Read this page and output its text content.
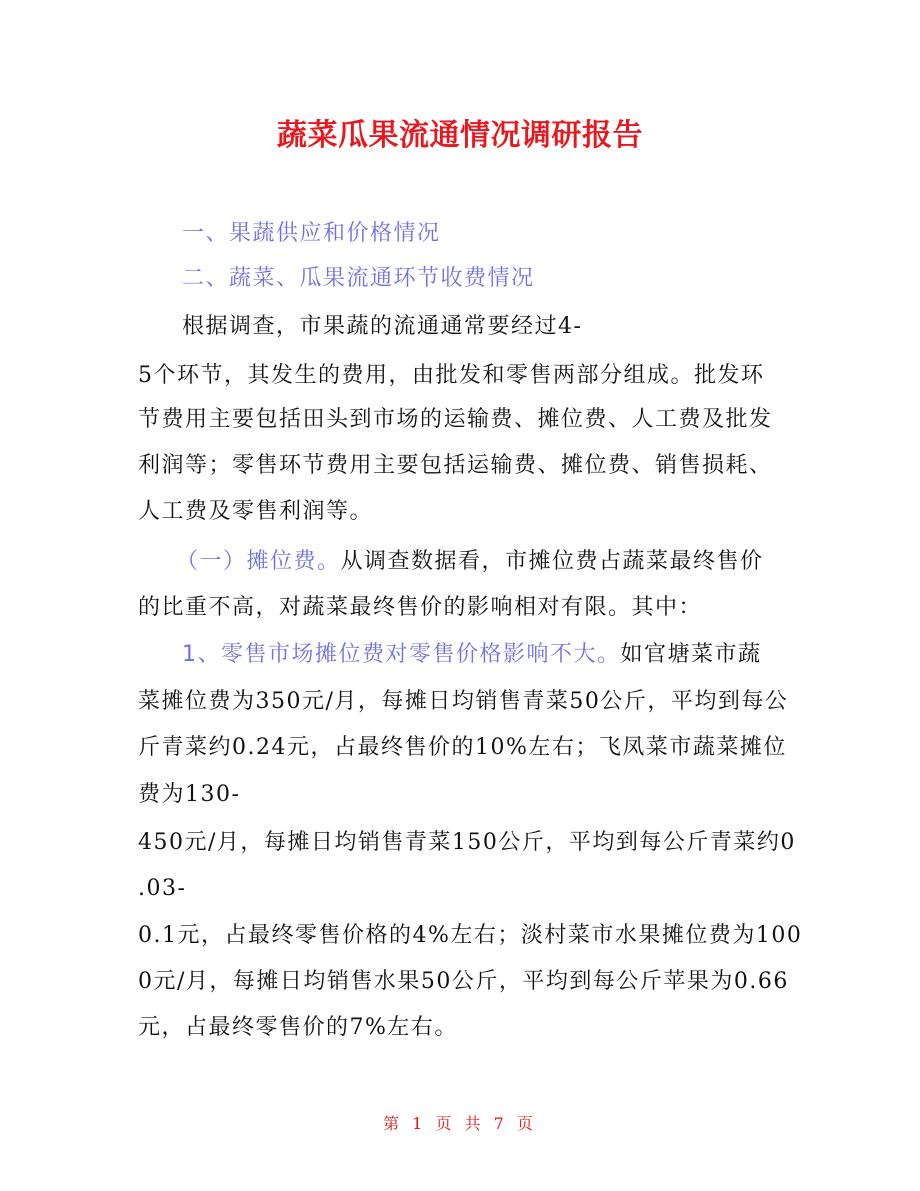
蔬菜瓜果流通情况调研报告
一、果蔬供应和价格情况
二、蔬菜、瓜果流通环节收费情况
根据调查，市果蔬的流通通常要经过4-
5个环节，其发生的费用，由批发和零售两部分组成。批发环
节费用主要包括田头到市场的运输费、摊位费、人工费及批发
利润等；零售环节费用主要包括运输费、摊位费、销售损耗、
人工费及零售利润等。
（一）摊位费。从调查数据看，市摊位费占蔬菜最终售价
的比重不高，对蔬菜最终售价的影响相对有限。其中：
1、零售市场摊位费对零售价格影响不大。如官塘菜市蔬
菜摊位费为350元/月，每摊日均销售青菜50公斤，平均到每公
斤青菜约0.24元，占最终售价的10%左右；飞凤菜市蔬菜摊位
费为130-
450元/月，每摊日均销售青菜150公斤，平均到每公斤青菜约0
.03-
0.1元，占最终零售价格的4%左右；淡村菜市水果摊位费为100
0元/月，每摊日均销售水果50公斤，平均到每公斤苹果为0.66
元，占最终零售价的7%左右。
第 1 页 共 7 页
